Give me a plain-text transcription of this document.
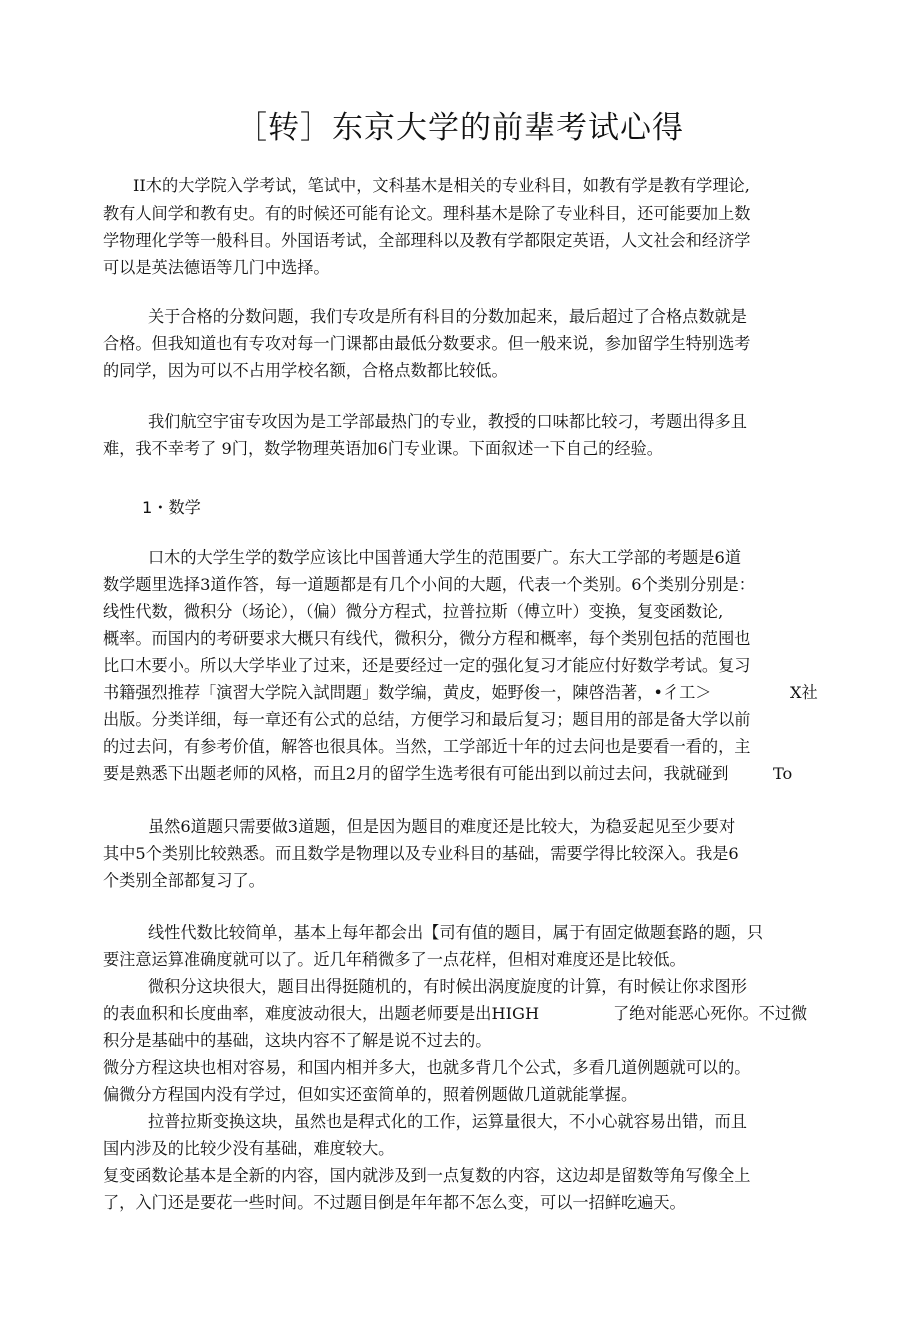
［转］东京大学的前辈考试心得
II木的大学院入学考试，笔试中，文科基木是相关的专业科目，如教有学是教有学理论,
教有人间学和教有史。有的时候还可能有论文。理科基木是除了专业科目，还可能要加上数
学物理化学等一般科目。外国语考试，全部理科以及教有学都限定英语，人文社会和经济学
可以是英法德语等几门中选择。
关于合格的分数问题，我们专攻是所有科目的分数加起来，最后超过了合格点数就是
合格。但我知道也有专攻对每一门课都由最低分数要求。但一般来说，参加留学生特别选考
的同学，因为可以不占用学校名额，合格点数都比较低。
我们航空宇宙专攻因为是工学部最热门的专业，教授的口味都比较刁，考题出得多且
难，我不幸考了 9门，数学物理英语加6门专业课。下面叙述一下自己的经验。
1・数学
口木的大学生学的数学应该比中国普通大学生的范围要广。东大工学部的考题是6道
数学题里选择3道作答，每一道题都是有几个小间的大题，代表一个类别。6个类别分别是：
线性代数，微积分（场论），（偏）微分方程式，拉普拉斯（傅立叶）变换，复变函数论,
概率。而国内的考研要求大概只有线代，微积分，微分方程和概率，每个类别包括的范囤也
比口木要小。所以大学毕业了过来，还是要经过一定的强化复习才能应付好数学考试。复习
书籍强烈推荐「演習大学院入試問題」数学编，黄皮，姫野俊一，陳啓浩著，•彳工＞	X社
出版。分类详细，每一章还有公式的总结，方便学习和最后复习；题目用的部是备大学以前
的过去问，有参考价值，解答也很具体。当然，工学部近十年的过去问也是要看一看的，主
要是熟悉下出题老师的风格，而且2月的留学生选考很有可能出到以前过去问，我就碰到	To
虽然6道题只需要做3道题，但是因为题目的难度还是比较大，为稳妥起见至少要对
其中5个类别比较熟悉。而且数学是物理以及专业科目的基础，需要学得比较深入。我是6
个类别全部都复习了。
线性代数比较简单，基本上每年都会出【司有值的题目，属于有固定做题套路的题，只
要注意运算准确度就可以了。近几年稍微多了一点花样，但相对难度还是比较低。
微积分这块很大，题目出得挺随机的，有时候出涡度旋度的计算，有时候让你求图形
的表血积和长度曲率，难度波动很大，出题老师要是出HIGH	了绝对能恶心死你。不过微
积分是基础中的基础，这块内容不了解是说不过去的。
微分方程这块也相对容易，和国内相并多大，也就多背几个公式，多看几道例题就可以的。
偏微分方程国内没有学过，但如实还蛮简单的，照着例题做几道就能掌握。
拉普拉斯变换这块，虽然也是稈式化的工作，运算量很大，不小心就容易出错，而且
国内涉及的比较少没有基础，难度较大。
复变函数论基本是全新的内容，国内就涉及到一点复数的内容，这边却是留数等角写像全上
了，入门还是要花一些时间。不过题目倒是年年都不怎么变，可以一招鲜吃遍天。
